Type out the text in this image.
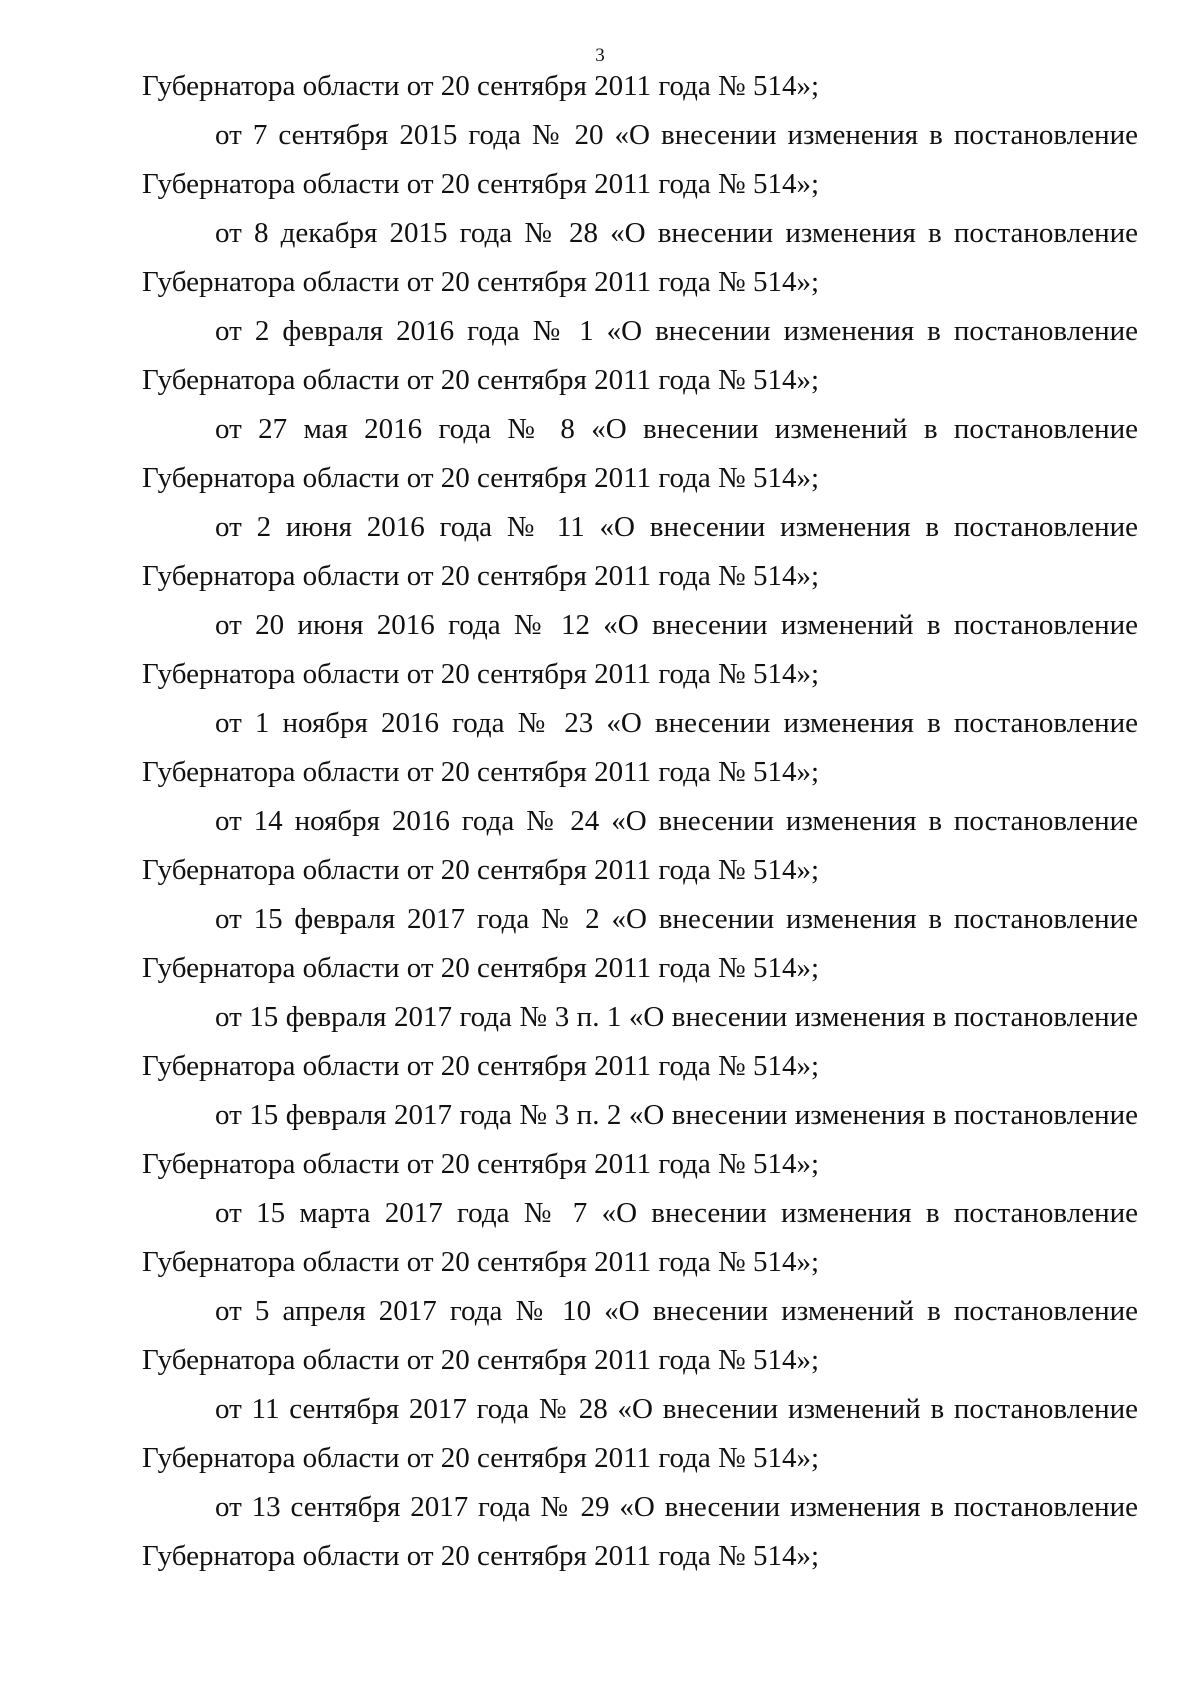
3
Губернатора области от 20 сентября 2011 года № 514»;
от 7 сентября 2015 года № 20 «О внесении изменения в постановление
Губернатора области от 20 сентября 2011 года № 514»;
от 8 декабря 2015 года № 28 «О внесении изменения в постановление
Губернатора области от 20 сентября 2011 года № 514»;
от 2 февраля 2016 года № 1 «О внесении изменения в постановление
Губернатора области от 20 сентября 2011 года № 514»;
от 27 мая 2016 года № 8 «О внесении изменений в постановление
Губернатора области от 20 сентября 2011 года № 514»;
от 2 июня 2016 года № 11 «О внесении изменения в постановление
Губернатора области от 20 сентября 2011 года № 514»;
от 20 июня 2016 года № 12 «О внесении изменений в постановление
Губернатора области от 20 сентября 2011 года № 514»;
от 1 ноября 2016 года № 23 «О внесении изменения в постановление
Губернатора области от 20 сентября 2011 года № 514»;
от 14 ноября 2016 года № 24 «О внесении изменения в постановление
Губернатора области от 20 сентября 2011 года № 514»;
от 15 февраля 2017 года № 2 «О внесении изменения в постановление
Губернатора области от 20 сентября 2011 года № 514»;
от 15 февраля 2017 года № 3 п. 1 «О внесении изменения в постановление
Губернатора области от 20 сентября 2011 года № 514»;
от 15 февраля 2017 года № 3 п. 2 «О внесении изменения в постановление
Губернатора области от 20 сентября 2011 года № 514»;
от 15 марта 2017 года № 7 «О внесении изменения в постановление
Губернатора области от 20 сентября 2011 года № 514»;
от 5 апреля 2017 года № 10 «О внесении изменений в постановление
Губернатора области от 20 сентября 2011 года № 514»;
от 11 сентября 2017 года № 28 «О внесении изменений в постановление
Губернатора области от 20 сентября 2011 года № 514»;
от 13 сентября 2017 года № 29 «О внесении изменения в постановление
Губернатора области от 20 сентября 2011 года № 514»;
